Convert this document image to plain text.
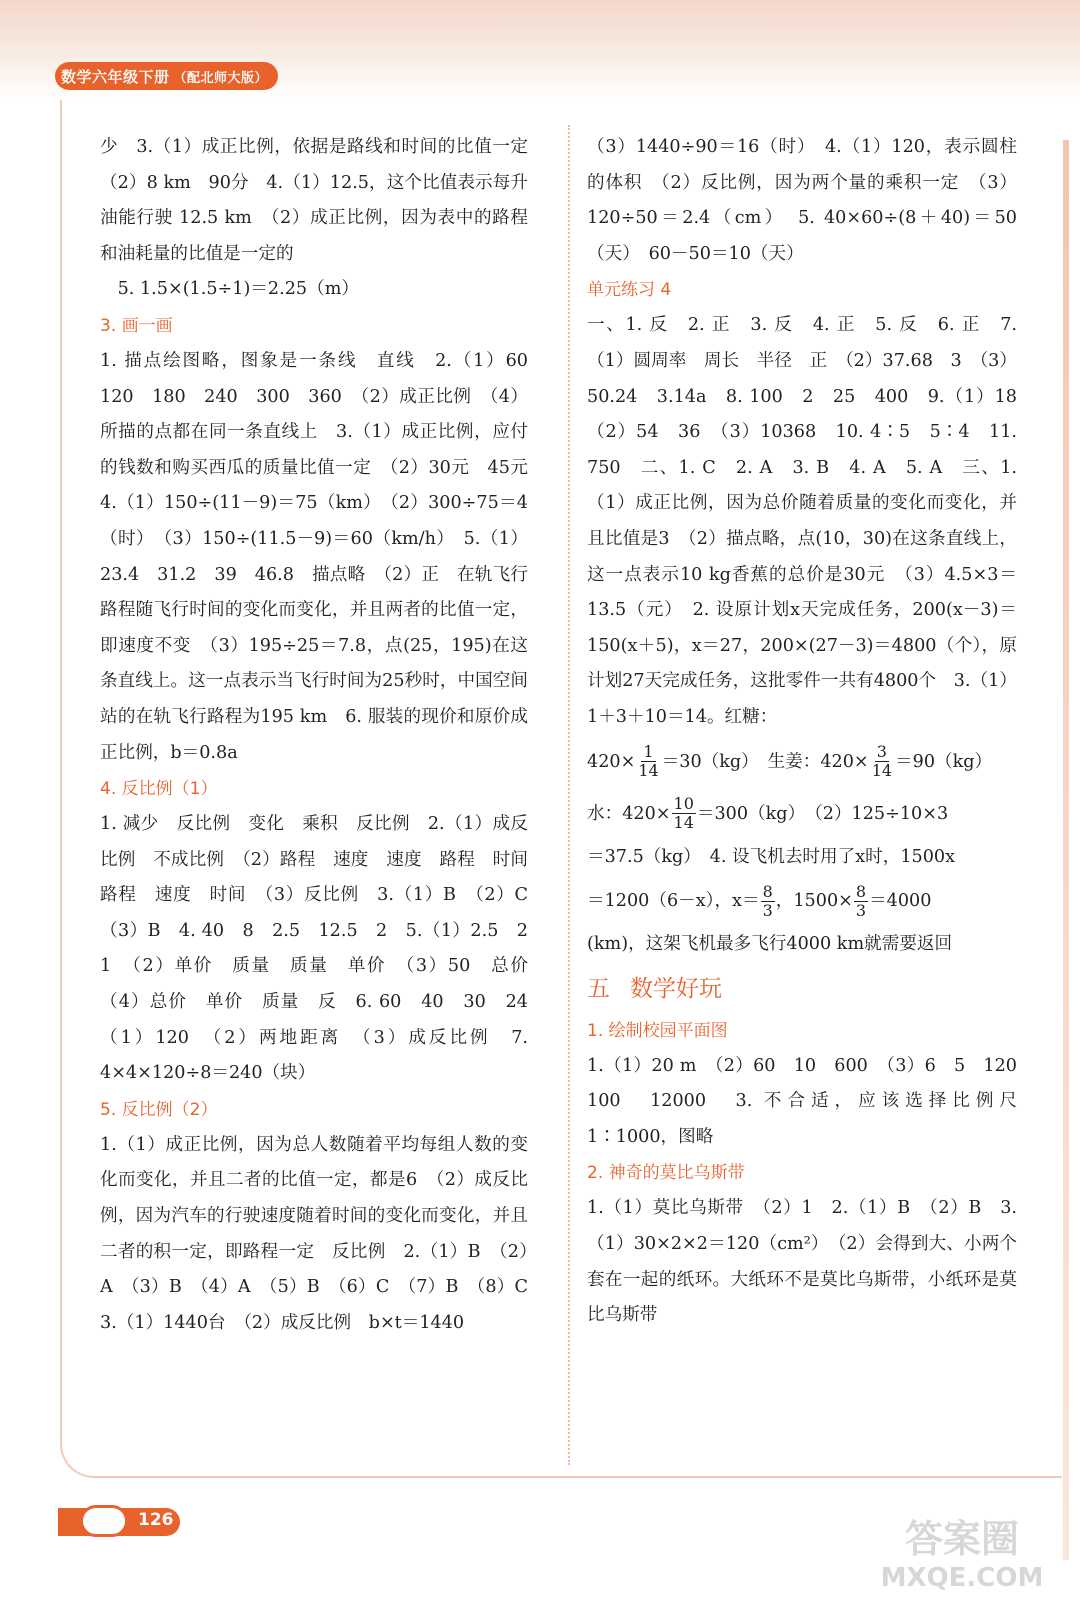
数学六年级下册 （配北师大版）

少　3.（1）成正比例，依据是路线和时间的比值一定　（2）8 km　90分　4.（1）12.5，这个比值表示每升油能行驶 12.5 km　（2）成正比例，因为表中的路程和油耗量的比值是一定的

　5. 1.5×(1.5÷1)＝2.25（m）

3. 画一画

1. 描点绘图略，图象是一条线　直线　2.（1）60　120　180　240　300　360　（2）成正比例　（4）所描的点都在同一条直线上　3.（1）成正比例，应付的钱数和购买西瓜的质量比值一定　（2）30元　45元　4.（1）150÷(11－9)＝75（km）　（2）300÷75＝4（时）　（3）150÷(11.5－9)＝60（km/h）　5.（1）23.4　31.2　39　46.8　描点略　（2）正　在轨飞行路程随飞行时间的变化而变化，并且两者的比值一定，即速度不变　（3）195÷25＝7.8，点(25，195)在这条直线上。这一点表示当飞行时间为25秒时，中国空间站的在轨飞行路程为195 km　6. 服装的现价和原价成正比例，b＝0.8a

4. 反比例（1）

1. 减少　反比例　变化　乘积　反比例　2.（1）成反比例　不成比例　（2）路程　速度　速度　路程　时间　路程　速度　时间　（3）反比例　3.（1）B　（2）C　（3）B　4. 40　8　2.5　12.5　2　5.（1）2.5　2　1　（2）单价　质量　质量　单价　（3）50　总价　（4）总价　单价　质量　反　6. 60　40　30　24　（1）120　（2）两地距离　（3）成反比例　7. 4×4×120÷8＝240（块）

5. 反比例（2）

1.（1）成正比例，因为总人数随着平均每组人数的变化而变化，并且二者的比值一定，都是6　（2）成反比例，因为汽车的行驶速度随着时间的变化而变化，并且二者的积一定，即路程一定　反比例　2.（1）B　（2）A　（3）B　（4）A　（5）B　（6）C　（7）B　（8）C　3.（1）1440台　（2）成反比例　b×t＝1440

（3）1440÷90＝16（时）　4.（1）120，表示圆柱的体积　（2）反比例，因为两个量的乘积一定　（3）120÷50＝2.4（cm）　5. 40×60÷(8＋40)＝50（天）　60－50＝10（天）

单元练习 4

一、1. 反　2. 正　3. 反　4. 正　5. 反　6. 正　7.（1）圆周率　周长　半径　正　（2）37.68　3　（3）50.24　3.14a　8. 100　2　25　400　9.（1）18　（2）54　36　（3）10368　10. 4∶5　5∶4　11. 750　二、1. C　2. A　3. B　4. A　5. A　三、1.（1）成正比例，因为总价随着质量的变化而变化，并且比值是3　（2）描点略，点(10，30)在这条直线上，这一点表示10 kg香蕉的总价是30元　（3）4.5×3＝13.5（元）　2. 设原计划x天完成任务，200(x－3)＝150(x＋5)，x＝27，200×(27－3)＝4800（个），原计划27天完成任务，这批零件一共有4800个　3.（1）1＋3＋10＝14。红糖：

$420\times \frac{1}{14} =30(kg)$　生姜：$420\times \frac{3}{14} =90(kg)$

水：$420\times \frac{10}{14} =300(kg)$　（2）125÷10×3

＝37.5（kg）　4. 设飞机去时用了x时，1500x

＝1200（6－x），$x= \frac{8}{3}$ ，$1500\times \frac{8}{3} =4000$

(km)，这架飞机最多飞行4000 km就需要返回

五 数学好玩
1. 绘制校园平面图

1.（1）20 m　（2）60　10　600　（3）6　5　120　100　12000　3. 不合适，应该选择比例尺1∶1000，图略

2. 神奇的莫比乌斯带

1.（1）莫比乌斯带　（2）1　2.（1）B　（2）B　3.（1）30×2×2＝120（cm²）　（2）会得到大、小两个套在一起的纸环。大纸环不是莫比乌斯带，小纸环是莫比乌斯带

126	答案圈
MXQE.COM
